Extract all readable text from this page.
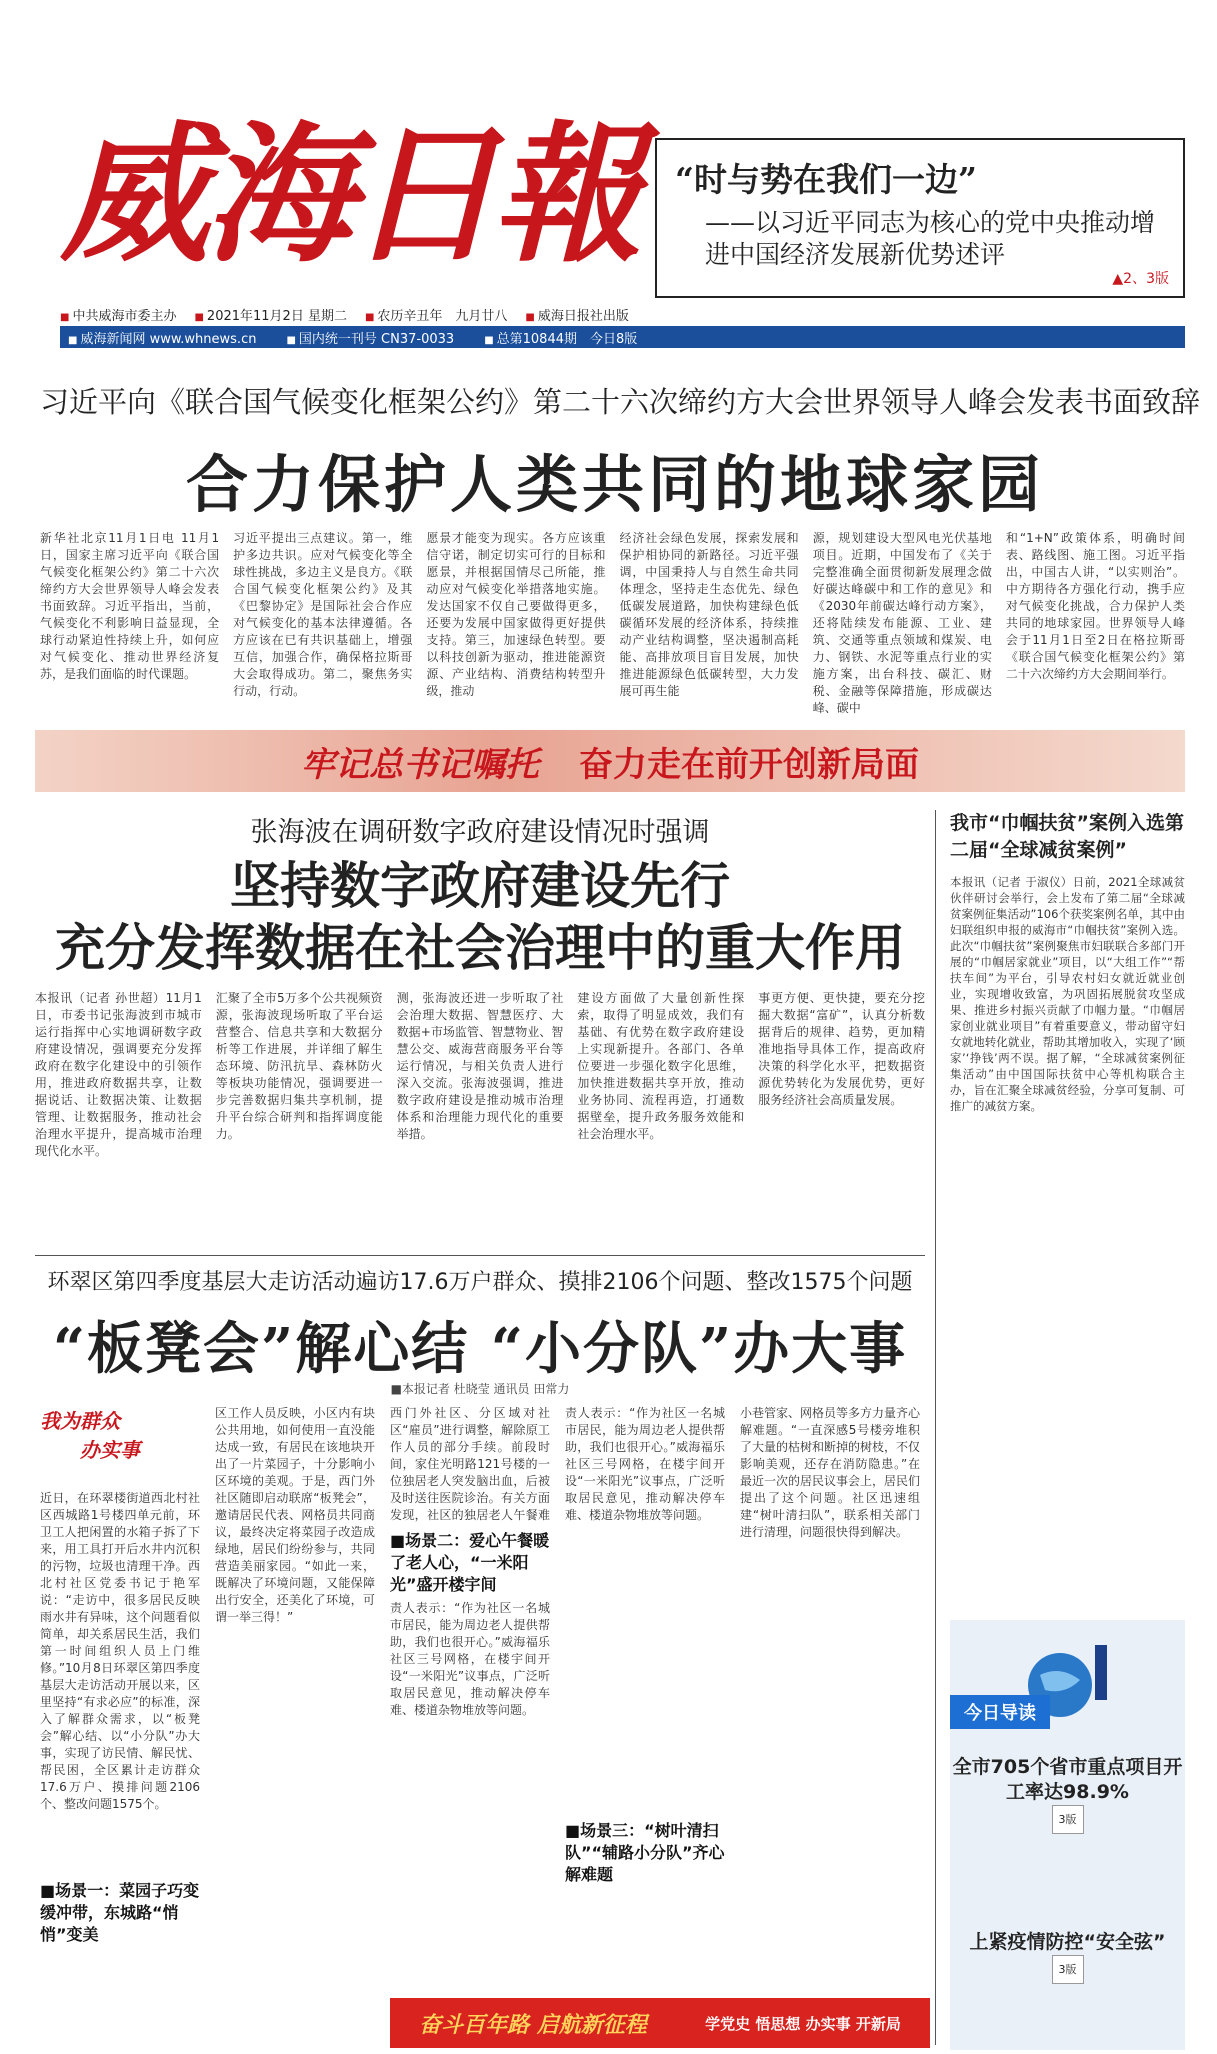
威海日報 “时与势在我们一边”

——以习近平同志为核心的党中央推动增进中国经济发展新优势述评

▲2、3版
■ 中共威海市委主办	■ 2021年11月2日 星期二	■ 农历辛丑年　九月廿八	■ 威海日报社出版
■ 威海新闻网 www.whnews.cn	■ 国内统一刊号 CN37-0033	■ 总第10844期　今日8版
习近平向《联合国气候变化框架公约》第二十六次缔约方大会世界领导人峰会发表书面致辞
合力保护人类共同的地球家园
新华社北京11月1日电 11月1日，国家主席习近平向《联合国气候变化框架公约》第二十六次缔约方大会世界领导人峰会发表书面致辞。习近平指出，当前，气候变化不利影响日益显现，全球行动紧迫性持续上升，如何应对气候变化、推动世界经济复苏，是我们面临的时代课题。
习近平提出三点建议。第一，维护多边共识。应对气候变化等全球性挑战，多边主义是良方。《联合国气候变化框架公约》及其《巴黎协定》是国际社会合作应对气候变化的基本法律遵循。各方应该在已有共识基础上，增强互信，加强合作，确保格拉斯哥大会取得成功。第二，聚焦务实行动，行动。
愿景才能变为现实。各方应该重信守诺，制定切实可行的目标和愿景，并根据国情尽己所能，推动应对气候变化举措落地实施。发达国家不仅自己要做得更多，还要为发展中国家做得更好提供支持。第三，加速绿色转型。要以科技创新为驱动，推进能源资源、产业结构、消费结构转型升级，推动
经济社会绿色发展，探索发展和保护相协同的新路径。习近平强调，中国秉持人与自然生命共同体理念，坚持走生态优先、绿色低碳发展道路，加快构建绿色低碳循环发展的经济体系，持续推动产业结构调整，坚决遏制高耗能、高排放项目盲目发展，加快推进能源绿色低碳转型，大力发展可再生能
源，规划建设大型风电光伏基地项目。近期，中国发布了《关于完整准确全面贯彻新发展理念做好碳达峰碳中和工作的意见》和《2030年前碳达峰行动方案》，还将陆续发布能源、工业、建筑、交通等重点领域和煤炭、电力、钢铁、水泥等重点行业的实施方案，出台科技、碳汇、财税、金融等保障措施，形成碳达峰、碳中
和“1+N”政策体系，明确时间表、路线图、施工图。习近平指出，中国古人讲，“以实则治”。中方期待各方强化行动，携手应对气候变化挑战，合力保护人类共同的地球家园。世界领导人峰会于11月1日至2日在格拉斯哥《联合国气候变化框架公约》第二十六次缔约方大会期间举行。
牢记总书记嘱托 奋力走在前开创新局面
张海波在调研数字政府建设情况时强调
坚持数字政府建设先行
充分发挥数据在社会治理中的重大作用
本报讯（记者 孙世超）11月1日，市委书记张海波到市城市运行指挥中心实地调研数字政府建设情况，强调要充分发挥政府在数字化建设中的引领作用，推进政府数据共享，让数据说话、让数据决策、让数据管理、让数据服务，推动社会治理水平提升，提高城市治理现代化水平。
汇聚了全市5万多个公共视频资源，张海波现场听取了平台运营整合、信息共享和大数据分析等工作进展，并详细了解生态环境、防汛抗旱、森林防火等板块功能情况，强调要进一步完善数据归集共享机制，提升平台综合研判和指挥调度能力。
测，张海波还进一步听取了社会治理大数据、智慧医疗、大数据+市场监管、智慧物业、智慧公交、威海营商服务平台等运行情况，与相关负责人进行深入交流。张海波强调，推进数字政府建设是推动城市治理体系和治理能力现代化的重要举措。
建设方面做了大量创新性探索，取得了明显成效，我们有基础、有优势在数字政府建设上实现新提升。各部门、各单位要进一步强化数字化思维，加快推进数据共享开放，推动业务协同、流程再造，打通数据壁垒，提升政务服务效能和社会治理水平。
事更方便、更快捷，要充分挖掘大数据“富矿”，认真分析数据背后的规律、趋势，更加精准地指导具体工作，提高政府决策的科学化水平，把数据资源优势转化为发展优势，更好服务经济社会高质量发展。
我市“巾帼扶贫”案例入选第二届“全球减贫案例”
本报讯（记者 于淑仪）日前，2021全球减贫伙伴研讨会举行，会上发布了第二届“全球减贫案例征集活动”106个获奖案例名单，其中由妇联组织申报的威海市“巾帼扶贫”案例入选。此次“巾帼扶贫”案例聚焦市妇联联合多部门开展的“巾帼居家就业”项目，以“大组工作”“帮扶车间”为平台，引导农村妇女就近就业创业，实现增收致富，为巩固拓展脱贫攻坚成果、推进乡村振兴贡献了巾帼力量。“巾帼居家创业就业项目”有着重要意义，带动留守妇女就地转化就业，帮助其增加收入，实现了‘顾家’‘挣钱’两不误。据了解，“全球减贫案例征集活动”由中国国际扶贫中心等机构联合主办，旨在汇聚全球减贫经验，分享可复制、可推广的减贫方案。
环翠区第四季度基层大走访活动遍访17.6万户群众、摸排2106个问题、整改1575个问题
“板凳会”解心结 “小分队”办大事
■本报记者 杜晓莹 通讯员 田常力
我为群众
办实事
近日，在环翠楼街道西北村社区西城路1号楼四单元前，环卫工人把闲置的水箱子拆了下来，用工具打开后水井内沉积的污物，垃圾也清理干净。西北村社区党委书记于艳军说：“走访中，很多居民反映雨水井有异味，这个问题看似简单，却关系居民生活，我们第一时间组织人员上门维修。”10月8日环翠区第四季度基层大走访活动开展以来，区里坚持“有求必应”的标准，深入了解群众需求，以“板凳会”解心结、以“小分队”办大事，实现了访民情、解民忧、帮民困，全区累计走访群众17.6万户、摸排问题2106个、整改问题1575个。
■场景一：菜园子巧变缓冲带，东城路“悄悄”变美
区工作人员反映，小区内有块公共用地，如何使用一直没能达成一致，有居民在该地块开出了一片菜园子，十分影响小区环境的美观。于是，西门外社区随即启动联席“板凳会”，邀请居民代表、网格员共同商议，最终决定将菜园子改造成绿地，居民们纷纷参与，共同营造美丽家园。“如此一来，既解决了环境问题，又能保障出行安全，还美化了环境，可谓一举三得！”
西门外社区、分区域对社区“雇员”进行调整，解除原工作人员的部分手续。前段时间，家住光明路121号楼的一位独居老人突发脑出血，后被及时送往医院诊治。有关方面发现，社区的独居老人午餐难
■场景二：爱心午餐暖了老人心，“一米阳光”盛开楼宇间
责人表示：“作为社区一名城市居民，能为周边老人提供帮助，我们也很开心。”威海福乐社区三号网格，在楼宇间开设“一米阳光”议事点，广泛听取居民意见，推动解决停车难、楼道杂物堆放等问题。
责人表示：“作为社区一名城市居民，能为周边老人提供帮助，我们也很开心。”威海福乐社区三号网格，在楼宇间开设“一米阳光”议事点，广泛听取居民意见，推动解决停车难、楼道杂物堆放等问题。
■场景三：“树叶清扫队”“辅路小分队”齐心解难题
小巷管家、网格员等多方力量齐心解难题。“一直深感5号楼旁堆积了大量的枯树和断掉的树枝，不仅影响美观，还存在消防隐患。”在最近一次的居民议事会上，居民们提出了这个问题。社区迅速组建“树叶清扫队”，联系相关部门进行清理，问题很快得到解决。
奋斗百年路 启航新征程	学党史 悟思想 办实事 开新局
今日导读
全市705个省市重点项目开工率达98.9%
3版
上紧疫情防控“安全弦”
3版
